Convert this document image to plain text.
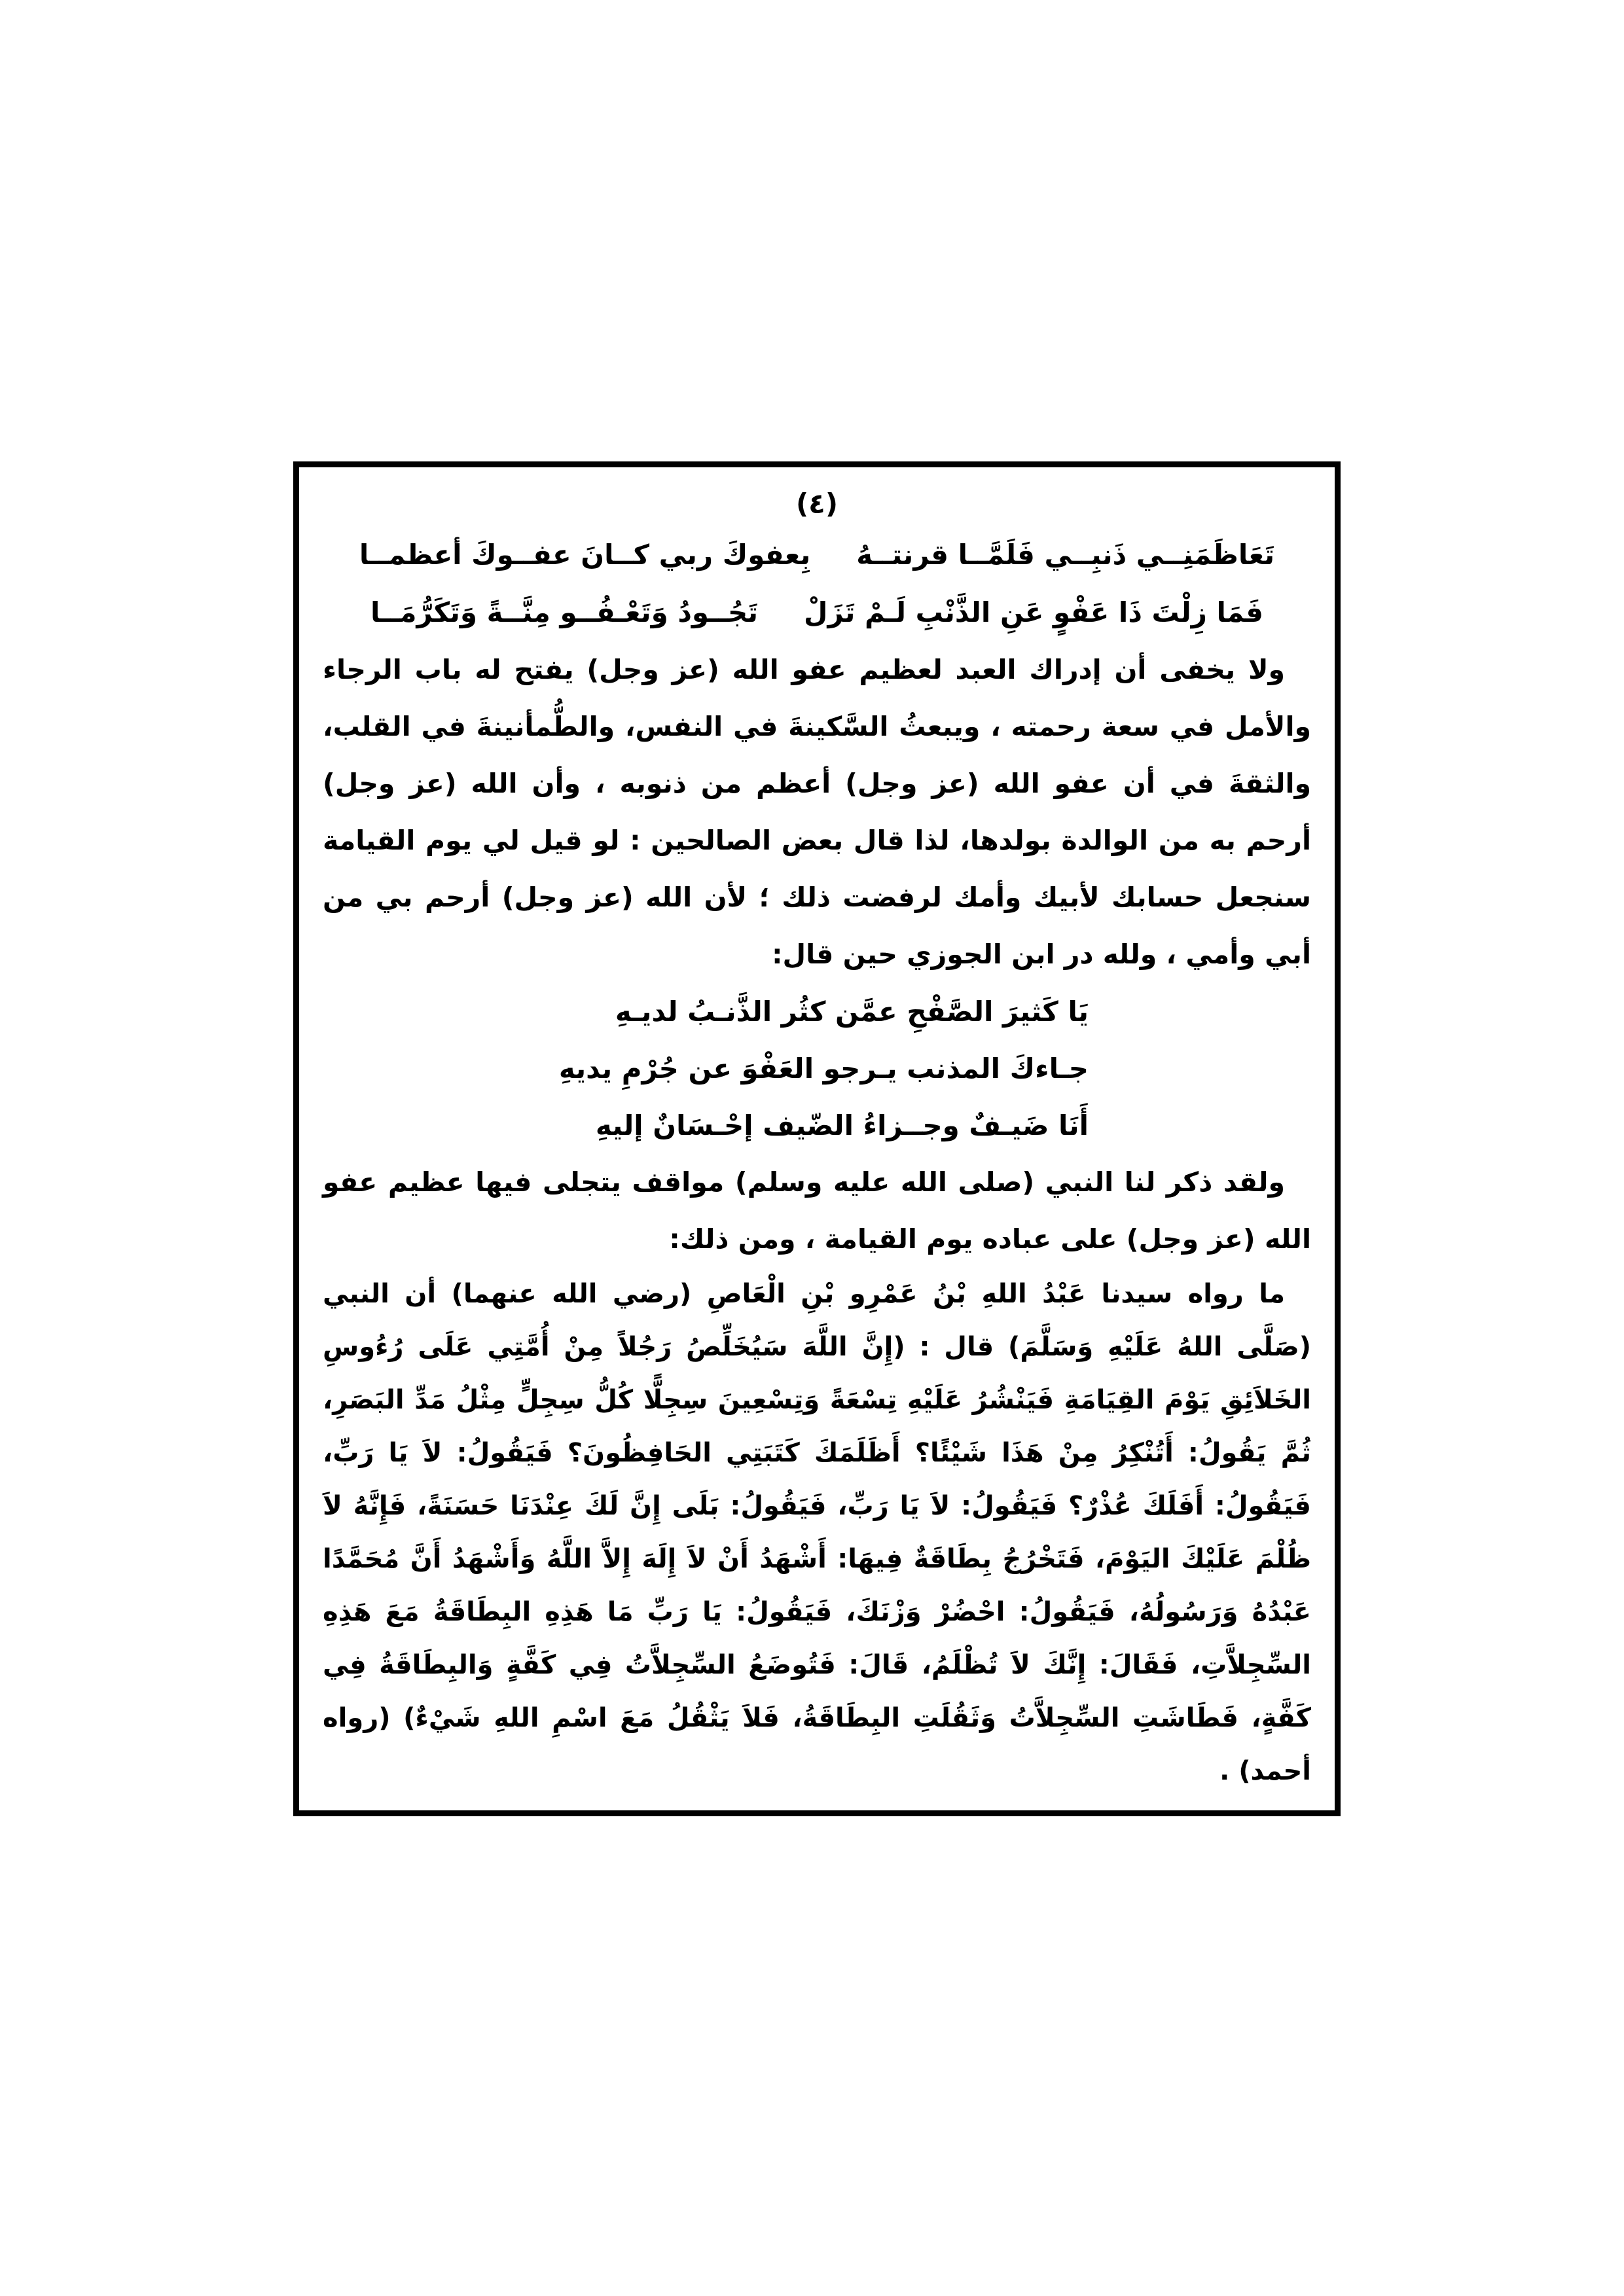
(٤)
تَعَاظَمَنِــي ذَنبِــي فَلَمَّــا قرنتــهُ
بِعفوكَ ربي كــانَ عفــوكَ أعظمــا
فَمَا زِلْتَ ذَا عَفْوٍ عَنِ الذَّنْبِ لَـمْ تَزَلْ
تَجُــودُ وَتَعْـفُــو مِنَّــةً وَتَكَرُّمَــا

ولا يخفى أن إدراك العبد لعظيم عفو الله (عز وجل) يفتح له باب الرجاء والأمل في سعة رحمته ، ويبعثُ السَّكينةَ في النفس، والطُّمأنينةَ في القلب، والثقةَ في أن عفو الله (عز وجل) أعظم من ذنوبه ، وأن الله (عز وجل) أرحم به من الوالدة بولدها، لذا قال بعض الصالحين : لو قيل لي يوم القيامة سنجعل حسابك لأبيك وأمك لرفضت ذلك ؛ لأن الله (عز وجل) أرحم بي من أبي وأمي ، ولله در ابن الجوزي حين قال:

يَا كَثيرَ الصَّفْحِ عمَّن كثُر الذَّنـبُ لديـهِ
جـاءكَ المذنب يـرجو العَفْوَ عن جُرْمِ يديهِ
أَنَا ضَيـفٌ وجــزاءُ الضّيف إحْـسَانٌ إليهِ

ولقد ذكر لنا النبي (صلى الله عليه وسلم) مواقف يتجلى فيها عظيم عفو الله (عز وجل) على عباده يوم القيامة ، ومن ذلك:

ما رواه سيدنا عَبْدُ اللهِ بْنُ عَمْرِو بْنِ الْعَاصِ (رضي الله عنهما) أن النبي (صَلَّى اللهُ عَلَيْهِ وَسَلَّمَ) قال : (إِنَّ اللَّهَ سَيُخَلِّصُ رَجُلاً مِنْ أُمَّتِي عَلَى رُءُوسِ الخَلاَئِقِ يَوْمَ القِيَامَةِ فَيَنْشُرُ عَلَيْهِ تِسْعَةً وَتِسْعِينَ سِجِلًّا كُلُّ سِجِلٍّ مِثْلُ مَدِّ البَصَرِ، ثُمَّ يَقُولُ: أَتُنْكِرُ مِنْ هَذَا شَيْئًا؟ أَظَلَمَكَ كَتَبَتِي الحَافِظُونَ؟ فَيَقُولُ: لاَ يَا رَبِّ، فَيَقُولُ: أَفَلَكَ عُذْرٌ؟ فَيَقُولُ: لاَ يَا رَبِّ، فَيَقُولُ: بَلَى إِنَّ لَكَ عِنْدَنَا حَسَنَةً، فَإِنَّهُ لاَ ظُلْمَ عَلَيْكَ اليَوْمَ، فَتَخْرُجُ بِطَاقَةٌ فِيهَا: أَشْهَدُ أَنْ لاَ إِلَهَ إِلاَّ اللَّهُ وَأَشْهَدُ أَنَّ مُحَمَّدًا عَبْدُهُ وَرَسُولُهُ، فَيَقُولُ: احْضُرْ وَزْنَكَ، فَيَقُولُ: يَا رَبِّ مَا هَذِهِ البِطَاقَةُ مَعَ هَذِهِ السِّجِلاَّتِ، فَقَالَ: إِنَّكَ لاَ تُظْلَمُ، قَالَ: فَتُوضَعُ السِّجِلاَّتُ فِي كَفَّةٍ وَالبِطَاقَةُ فِي كَفَّةٍ، فَطَاشَتِ السِّجِلاَّتُ وَثَقُلَتِ البِطَاقَةُ، فَلاَ يَثْقُلُ مَعَ اسْمِ اللهِ شَيْءٌ) (رواه أحمد) .
